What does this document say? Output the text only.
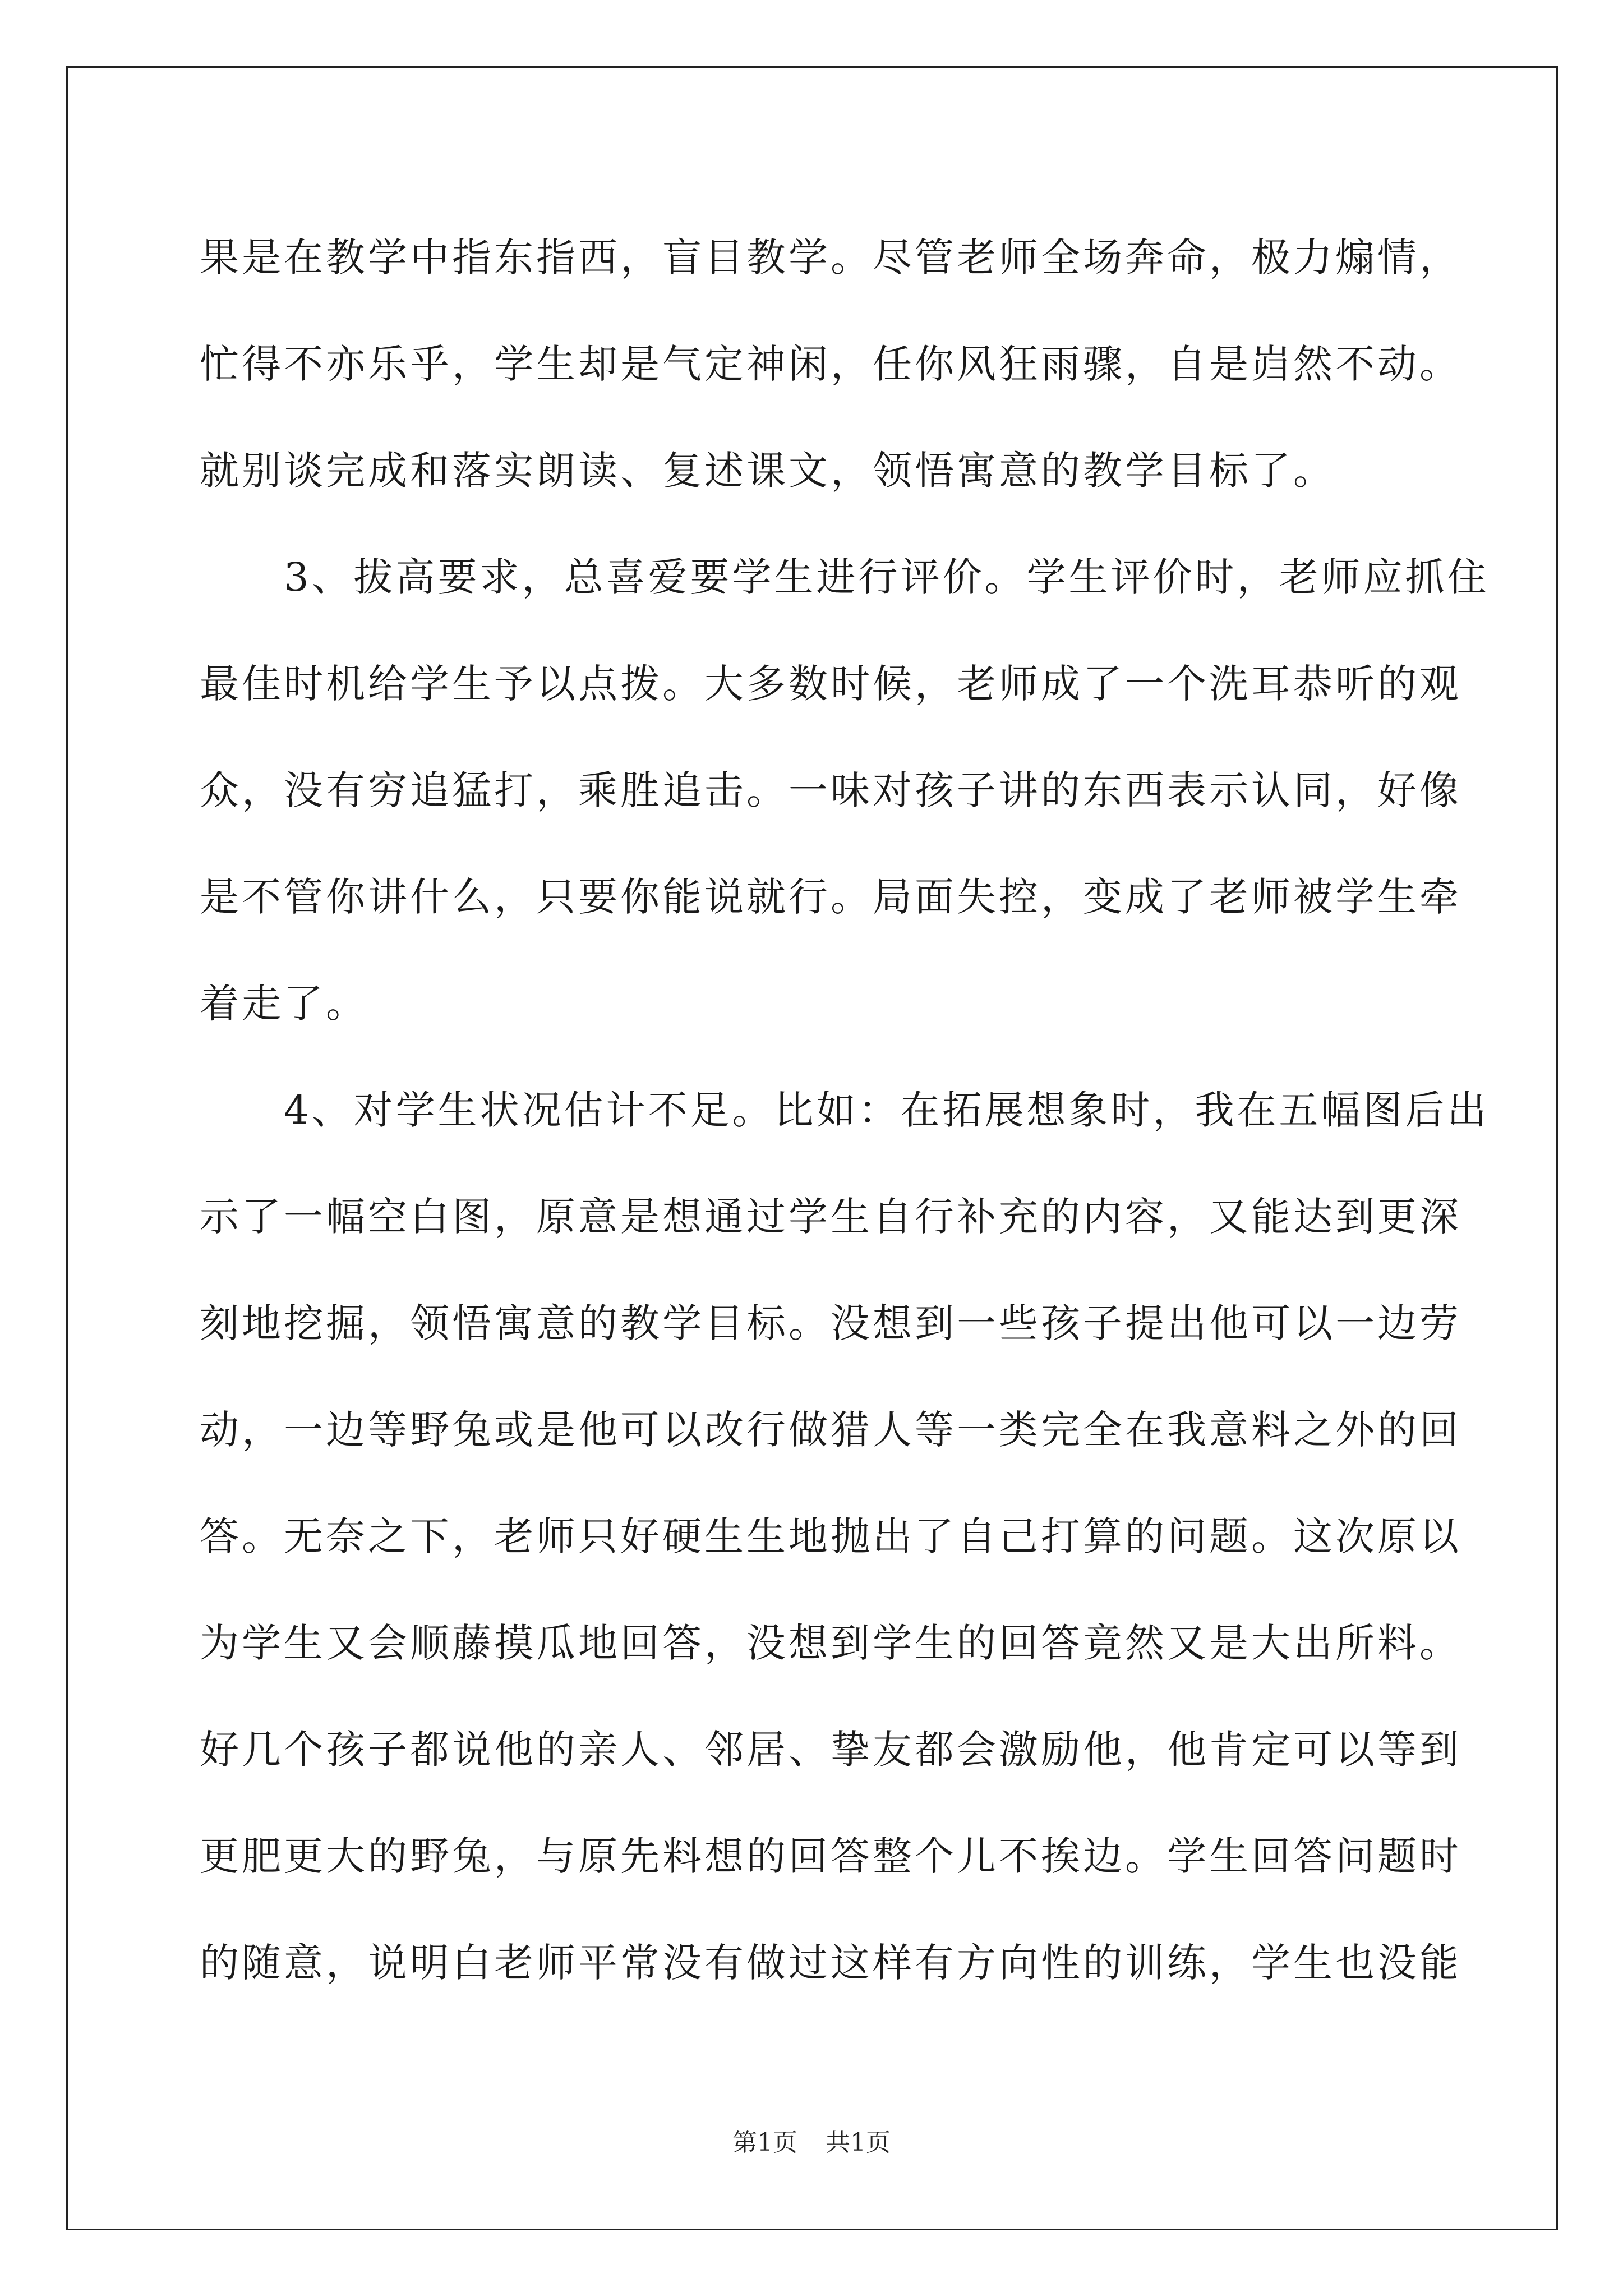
果是在教学中指东指西，盲目教学。尽管老师全场奔命，极力煽情，
忙得不亦乐乎，学生却是气定神闲，任你风狂雨骤，自是岿然不动。
就别谈完成和落实朗读、复述课文，领悟寓意的教学目标了。
　　3、拔高要求，总喜爱要学生进行评价。学生评价时，老师应抓住
最佳时机给学生予以点拨。大多数时候，老师成了一个洗耳恭听的观
众，没有穷追猛打，乘胜追击。一味对孩子讲的东西表示认同，好像
是不管你讲什么，只要你能说就行。局面失控，变成了老师被学生牵
着走了。
　　4、对学生状况估计不足。比如：在拓展想象时，我在五幅图后出
示了一幅空白图，原意是想通过学生自行补充的内容，又能达到更深
刻地挖掘，领悟寓意的教学目标。没想到一些孩子提出他可以一边劳
动，一边等野兔或是他可以改行做猎人等一类完全在我意料之外的回
答。无奈之下，老师只好硬生生地抛出了自己打算的问题。这次原以
为学生又会顺藤摸瓜地回答，没想到学生的回答竟然又是大出所料。
好几个孩子都说他的亲人、邻居、挚友都会激励他，他肯定可以等到
更肥更大的野兔，与原先料想的回答整个儿不挨边。学生回答问题时
的随意，说明白老师平常没有做过这样有方向性的训练，学生也没能
第1页 共1页
